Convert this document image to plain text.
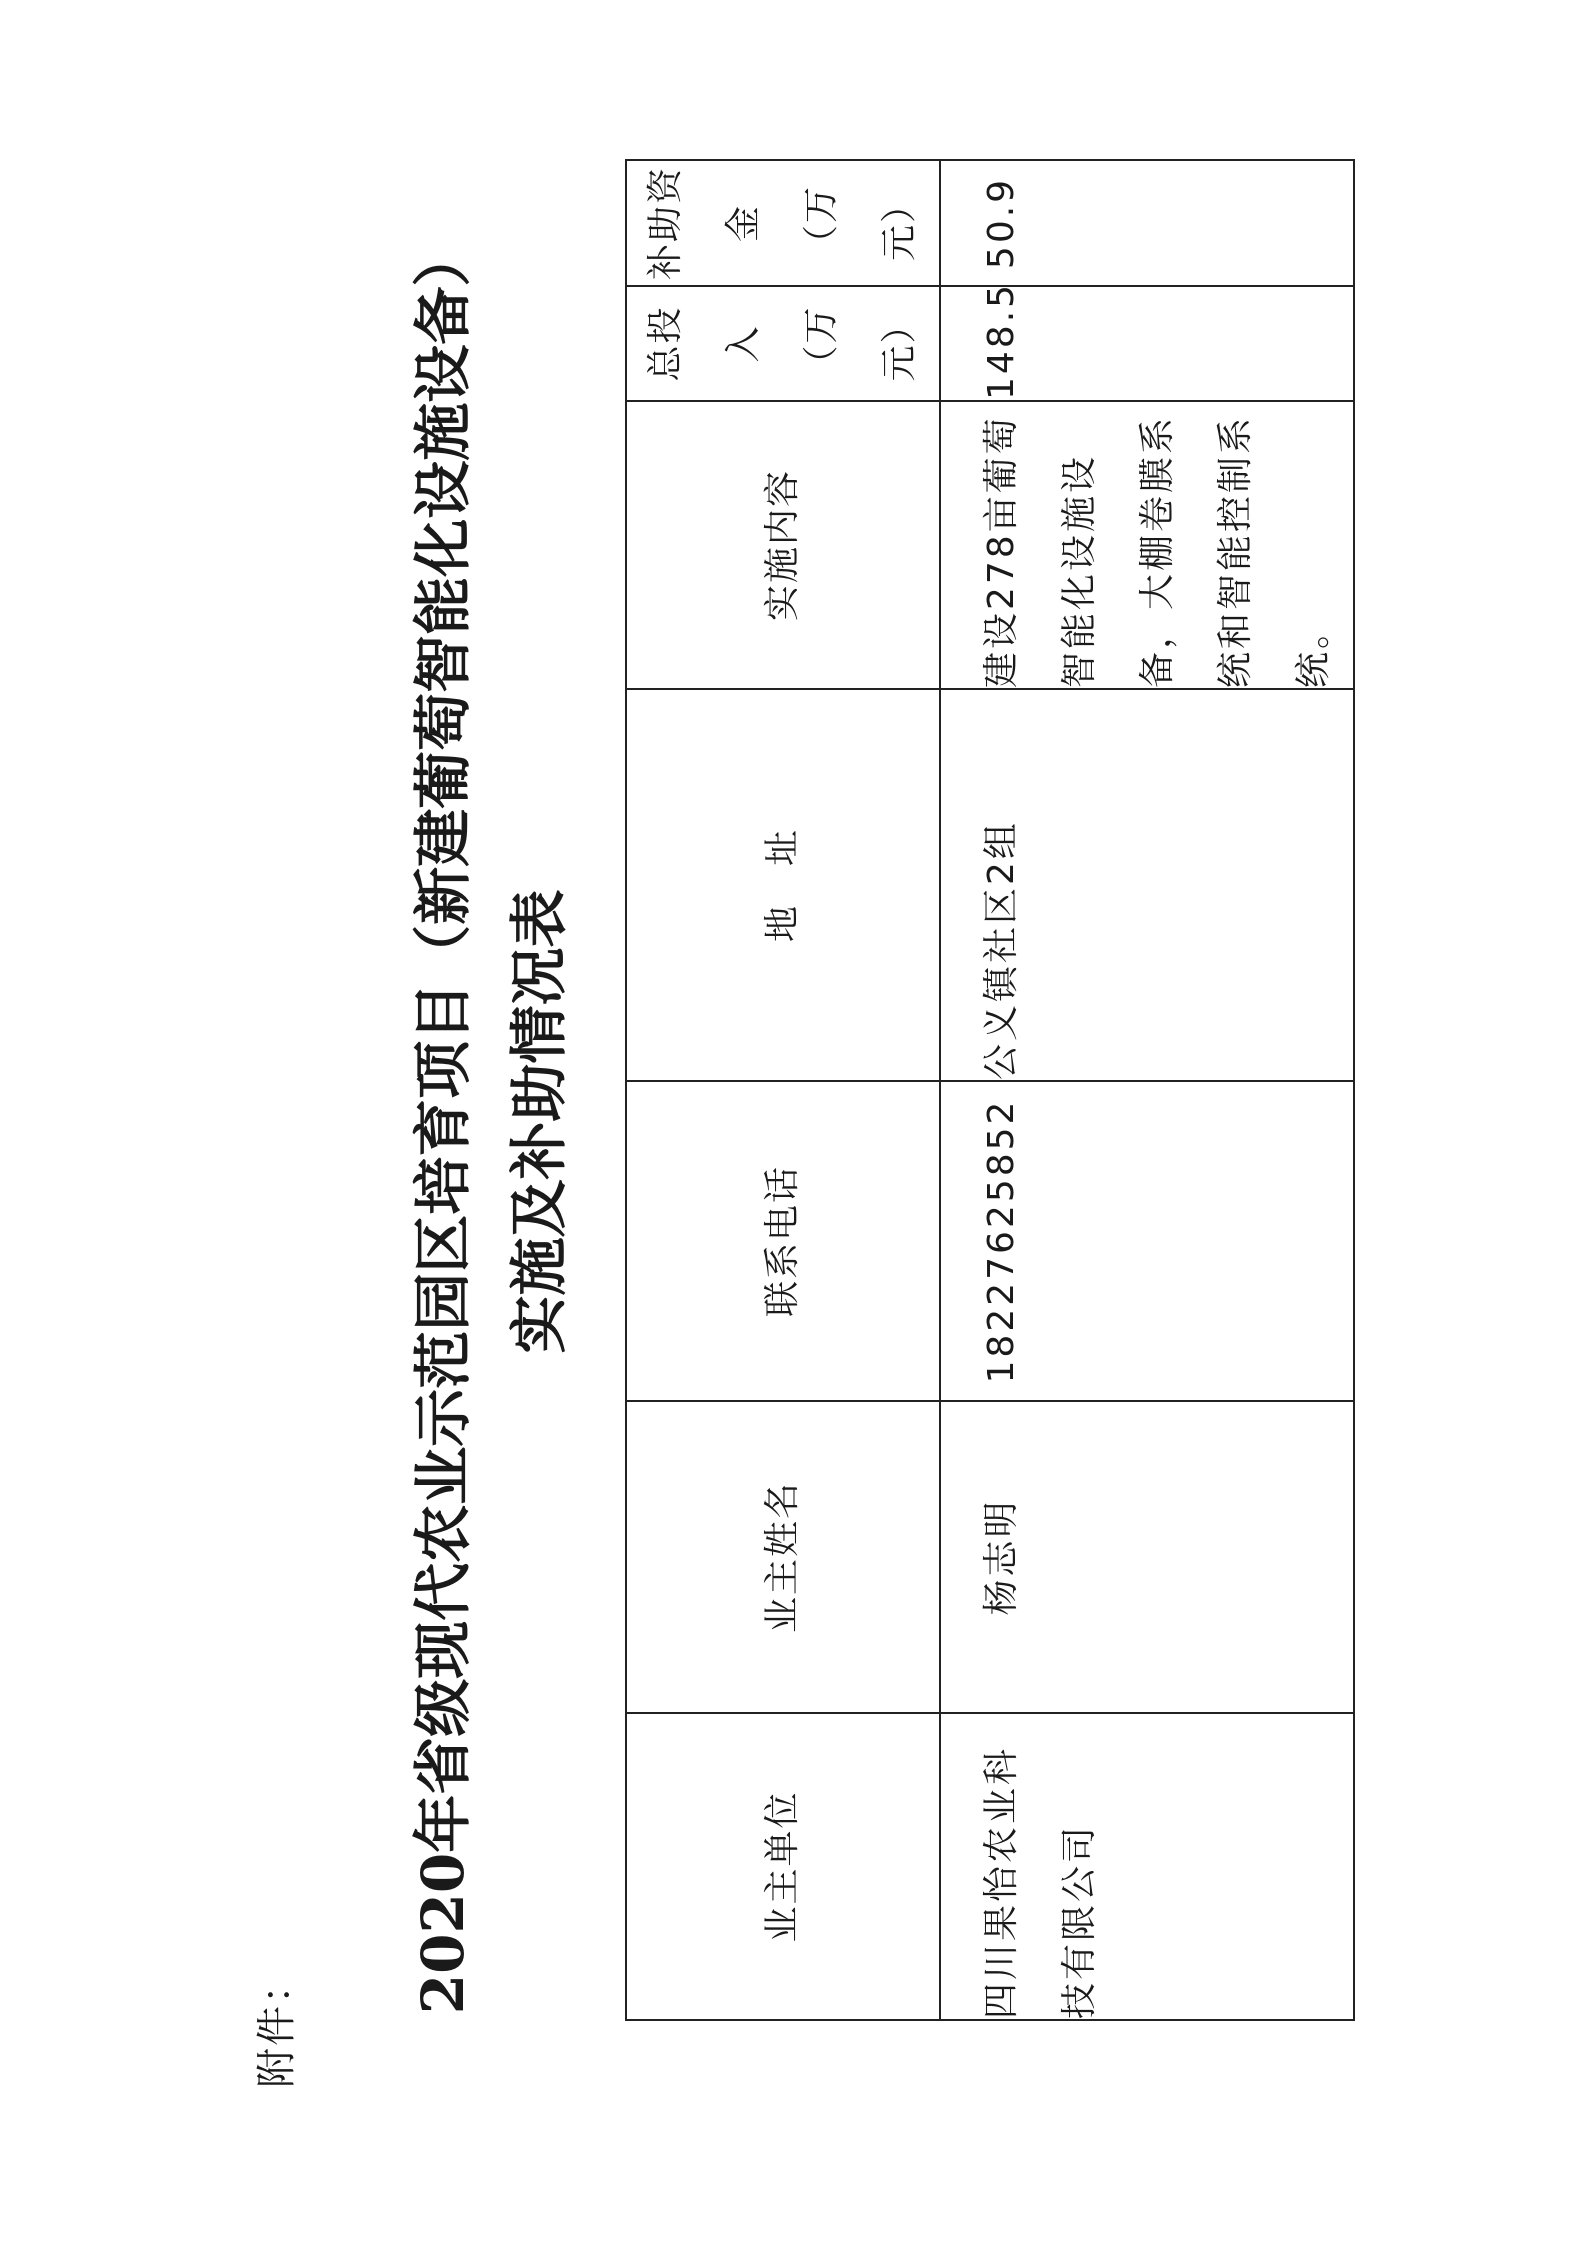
附件：
2020年省级现代农业示范园区培育项目（新建葡萄智能化设施设备） 实施及补助情况表
业主单位	业主姓名	联系电话	地　址	实施内容	总投入 （万元）	补助资金 （万元）

四川果怡农业科技有限公司	杨志明	18227625852	公义镇社区2组	建设278亩葡萄智能化设施设备，大棚卷膜系统和智能控制系统。	148.5	50.9
